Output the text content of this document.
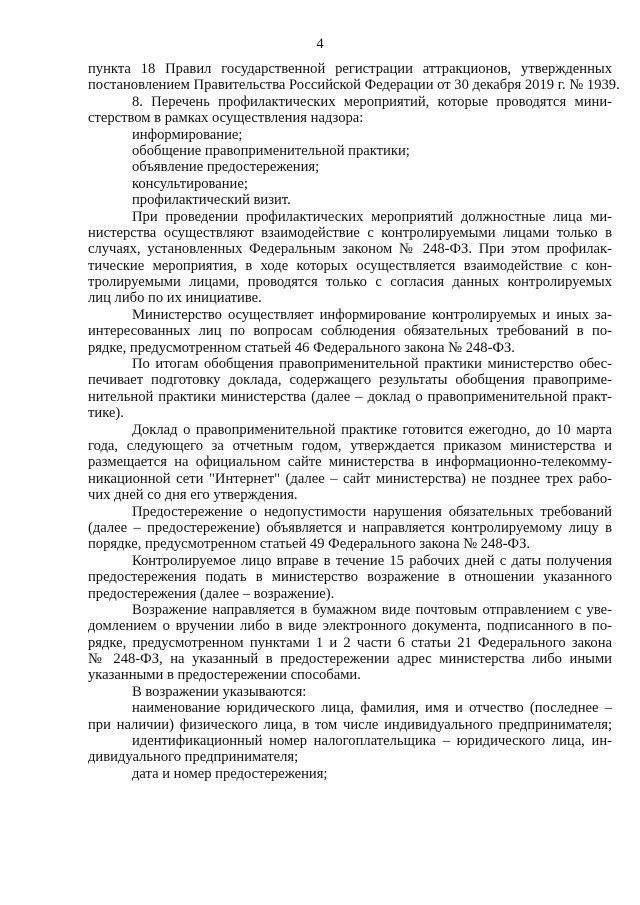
4
пункта 18 Правил государственной регистрации аттракционов, утвержденных
постановлением Правительства Российской Федерации от 30 декабря 2019 г. № 1939.
8. Перечень профилактических мероприятий, которые проводятся мини-
стерством в рамках осуществления надзора:
информирование;
обобщение правоприменительной практики;
объявление предостережения;
консультирование;
профилактический визит.
При проведении профилактических мероприятий должностные лица ми-
нистерства осуществляют взаимодействие с контролируемыми лицами только в
случаях, установленных Федеральным законом № 248-ФЗ. При этом профилак-
тические мероприятия, в ходе которых осуществляется взаимодействие с кон-
тролируемыми лицами, проводятся только с согласия данных контролируемых
лиц либо по их инициативе.
Министерство осуществляет информирование контролируемых и иных за-
интересованных лиц по вопросам соблюдения обязательных требований в по-
рядке, предусмотренном статьей 46 Федерального закона № 248-ФЗ.
По итогам обобщения правоприменительной практики министерство обес-
печивает подготовку доклада, содержащего результаты обобщения правоприме-
нительной практики министерства (далее – доклад о правоприменительной практ-
тике).
Доклад о правоприменительной практике готовится ежегодно, до 10 марта
года, следующего за отчетным годом, утверждается приказом министерства и
размещается на официальном сайте министерства в информационно-телекомму-
никационной сети "Интернет" (далее – сайт министерства) не позднее трех рабо-
чих дней со дня его утверждения.
Предостережение о недопустимости нарушения обязательных требований
(далее – предостережение) объявляется и направляется контролируемому лицу в
порядке, предусмотренном статьей 49 Федерального закона № 248-ФЗ.
Контролируемое лицо вправе в течение 15 рабочих дней с даты получения
предостережения подать в министерство возражение в отношении указанного
предостережения (далее – возражение).
Возражение направляется в бумажном виде почтовым отправлением с уве-
домлением о вручении либо в виде электронного документа, подписанного в по-
рядке, предусмотренном пунктами 1 и 2 части 6 статьи 21 Федерального закона
№ 248-ФЗ, на указанный в предостережении адрес министерства либо иными
указанными в предостережении способами.
В возражении указываются:
наименование юридического лица, фамилия, имя и отчество (последнее –
при наличии) физического лица, в том числе индивидуального предпринимателя;
идентификационный номер налогоплательщика – юридического лица, ин-
дивидуального предпринимателя;
дата и номер предостережения;
